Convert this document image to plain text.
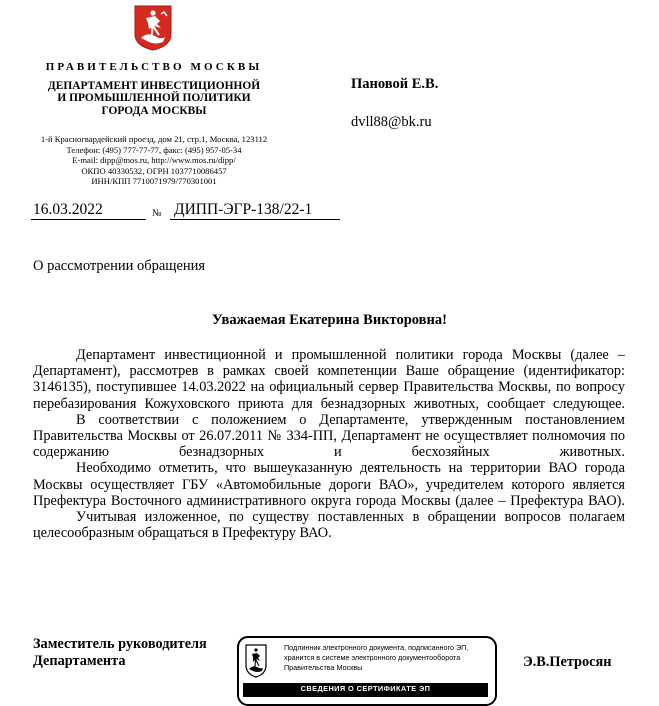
ПРАВИТЕЛЬСТВО МОСКВЫ
ДЕПАРТАМЕНТ ИНВЕСТИЦИОННОЙ
И ПРОМЫШЛЕННОЙ ПОЛИТИКИ
ГОРОДА МОСКВЫ
1-й Красногвардейский проезд, дом 21, стр.1, Москва, 123112
Телефон: (495) 777-77-77, факс: (495) 957-05-34
E-mail: dipp@mos.ru, http://www.mos.ru/dipp/
ОКПО 40330532, ОГРН 1037710086457
ИНН/КПП 7710071979/770301001
Пановой Е.В.
dvll88@bk.ru
16.03.2022	№ ДИПП-ЭГР-138/22-1
О рассмотрении обращения
Уважаемая Екатерина Викторовна!

Департамент инвестиционной и промышленной политики города Москвы (далее – Департамент), рассмотрев в рамках своей компетенции Ваше обращение (идентификатор: 3146135), поступившее 14.03.2022 на официальный сервер Правительства Москвы, по вопросу перебазирования Кожуховского приюта для безнадзорных животных, сообщает следующее.

В соответствии с положением о Департаменте, утвержденным постановлением Правительства Москвы от 26.07.2011 № 334-ПП, Департамент не осуществляет полномочия по содержанию безнадзорных и бесхозяйных животных.

Необходимо отметить, что вышеуказанную деятельность на территории ВАО города Москвы осуществляет ГБУ «Автомобильные дороги ВАО», учредителем которого является Префектура Восточного административного округа города Москвы (далее – Префектура ВАО).

Учитывая изложенное, по существу поставленных в обращении вопросов полагаем целесообразным обращаться в Префектуру ВАО.

Заместитель руководителя
Департамента
Подлинник электронного документа, подписанного ЭП,
хранится в системе электронного документооборота
Правительства Москвы
СВЕДЕНИЯ О СЕРТИФИКАТЕ ЭП
Э.В.Петросян
